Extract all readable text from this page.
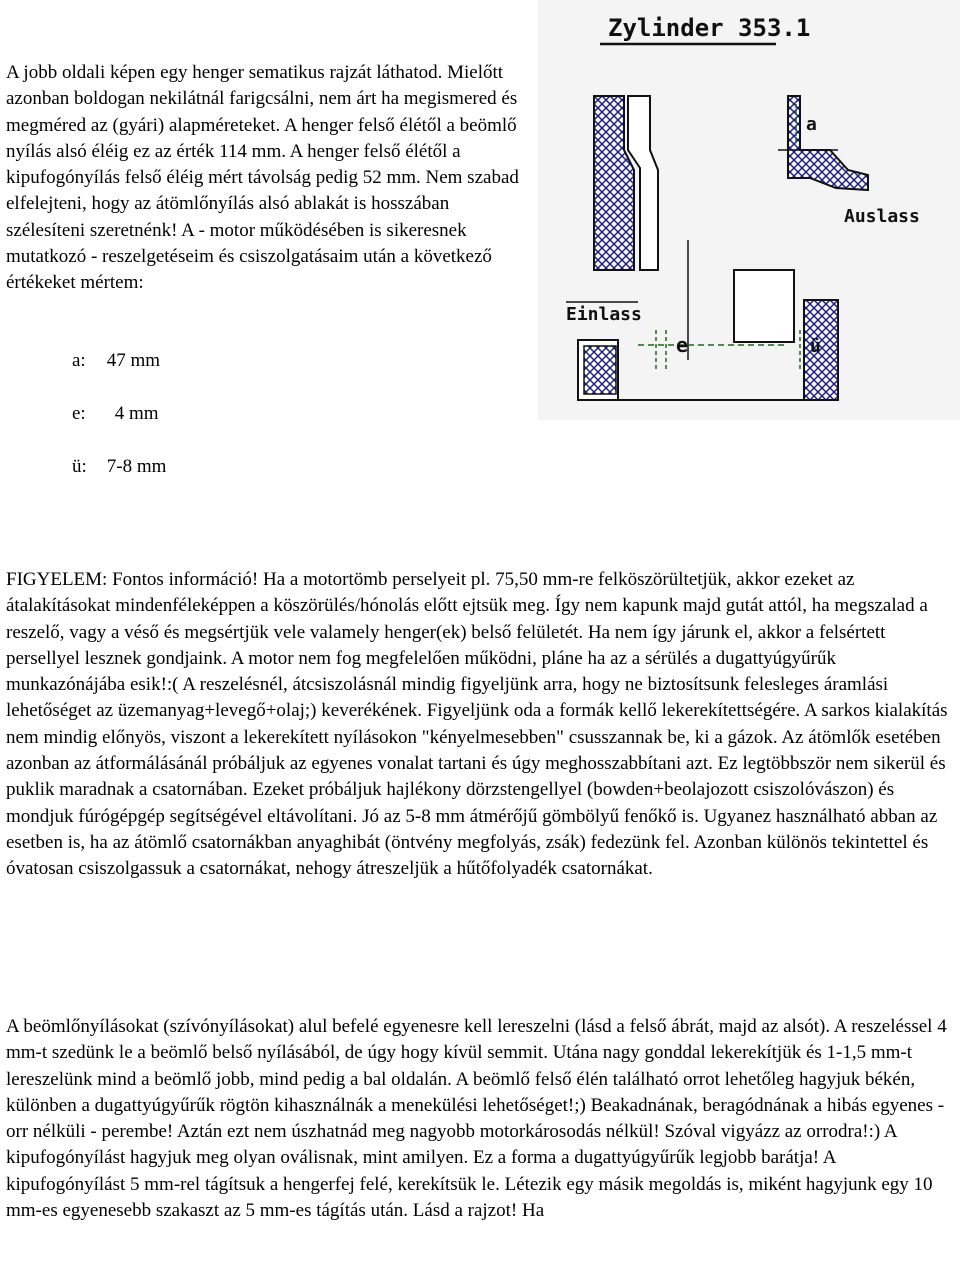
A jobb oldali képen egy henger sematikus rajzát láthatod. Mielőtt azonban boldogan nekilátnál farigcsálni, nem árt ha megismered és megméred az (gyári) alapméreteket. A henger felső élétől a beömlő nyílás alsó éléig ez az érték 114 mm. A henger felső élétől a kipufogónyílás felső éléig mért távolság pedig 52 mm. Nem szabad elfelejteni, hogy az átömlőnyílás alsó ablakát is hosszában szélesíteni szeretnénk! A - motor működésében is sikeresnek mutatkozó - reszelgetéseim és csiszolgatásaim után a következő értékeket mértem:

a: 47 mm
e: 4 mm
ü: 7-8 mm
Zylinder 353.1
a
Auslass
Einlass
e	ü

FIGYELEM: Fontos információ! Ha a motortömb perselyeit pl. 75,50 mm-re felköszörültetjük, akkor ezeket az átalakításokat mindenféleképpen a köszörülés/hónolás előtt ejtsük meg. Így nem kapunk majd gutát attól, ha megszalad a reszelő, vagy a véső és megsértjük vele valamely henger(ek) belső felületét. Ha nem így járunk el, akkor a felsértett persellyel lesznek gondjaink. A motor nem fog megfelelően működni, pláne ha az a sérülés a dugattyúgyűrűk munkazónájába esik!:( A reszelésnél, átcsiszolásnál mindig figyeljünk arra, hogy ne biztosítsunk felesleges áramlási lehetőséget az üzemanyag+levegő+olaj;) keverékének. Figyeljünk oda a formák kellő lekerekítettségére. A sarkos kialakítás nem mindig előnyös, viszont a lekerekített nyílásokon "kényelmesebben" csusszannak be, ki a gázok. Az átömlők esetében azonban az átformálásánál próbáljuk az egyenes vonalat tartani és úgy meghosszabbítani azt. Ez legtöbbször nem sikerül és puklik maradnak a csatornában. Ezeket próbáljuk hajlékony dörzstengellyel (bowden+beolajozott csiszolóvászon) és mondjuk fúrógépgép segítségével eltávolítani. Jó az 5-8 mm átmérőjű gömbölyű fenőkő is. Ugyanez használható abban az esetben is, ha az átömlő csatornákban anyaghibát (öntvény megfolyás, zsák) fedezünk fel. Azonban különös tekintettel és óvatosan csiszolgassuk a csatornákat, nehogy átreszeljük a hűtőfolyadék csatornákat.

A beömlőnyílásokat (szívónyílásokat) alul befelé egyenesre kell lereszelni (lásd a felső ábrát, majd az alsót). A reszeléssel 4 mm-t szedünk le a beömlő belső nyílásából, de úgy hogy kívül semmit. Utána nagy gonddal lekerekítjük és 1-1,5 mm-t lereszelünk mind a beömlő jobb, mind pedig a bal oldalán. A beömlő felső élén található orrot lehetőleg hagyjuk békén, különben a dugattyúgyűrűk rögtön kihasználnák a menekülési lehetőséget!;) Beakadnának, beragódnának a hibás egyenes - orr nélküli - perembe! Aztán ezt nem úszhatnád meg nagyobb motorkárosodás nélkül! Szóval vigyázz az orrodra!:) A kipufogónyílást hagyjuk meg olyan oválisnak, mint amilyen. Ez a forma a dugattyúgyűrűk legjobb barátja! A kipufogónyílást 5 mm-rel tágítsuk a hengerfej felé, kerekítsük le. Létezik egy másik megoldás is, miként hagyjunk egy 10 mm-es egyenesebb szakaszt az 5 mm-es tágítás után. Lásd a rajzot! Ha
